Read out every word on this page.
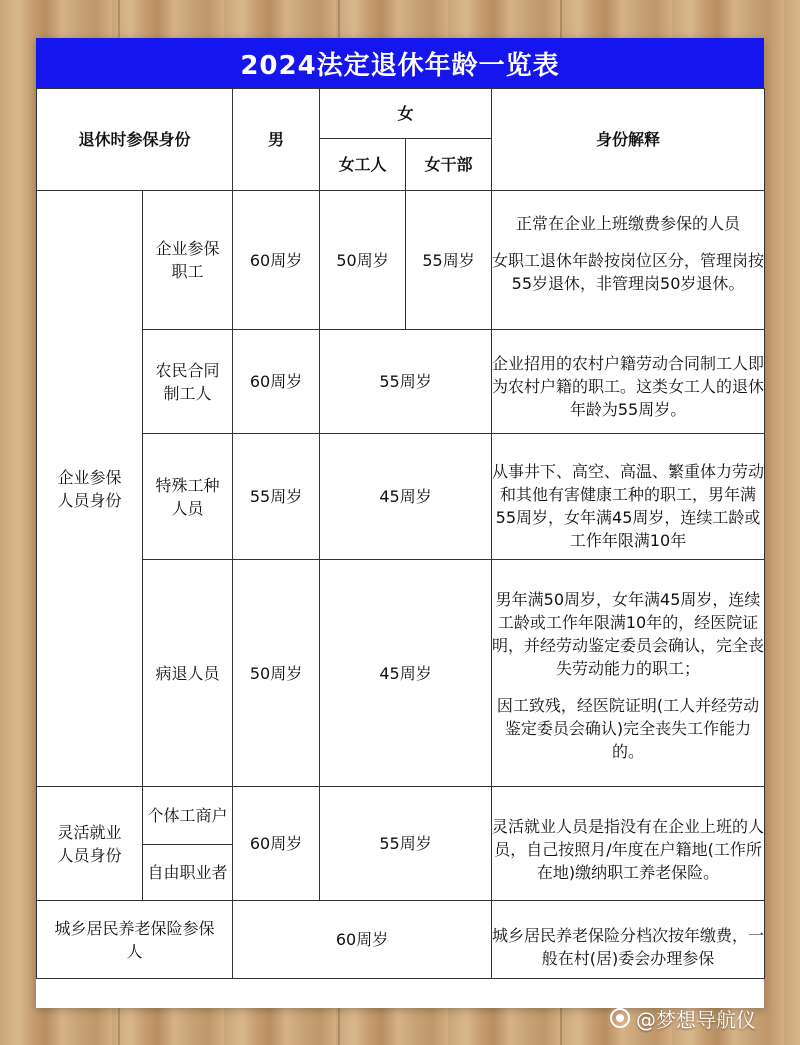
2024法定退休年龄一览表
退休时参保身份		男	女		身份解释
			女工人	女干部	

企业参保人员身份	企业参保职工	60周岁	50周岁	55周岁	正常在企业上班缴费参保的人员

女职工退休年龄按岗位区分，管理岗按55岁退休，非管理岗50岁退休。

	农民合同制工人	60周岁	55周岁		企业招用的农村户籍劳动合同制工人即为农村户籍的职工。这类女工人的退休年龄为55周岁。

	特殊工种人员	55周岁	45周岁		从事井下、高空、高温、繁重体力劳动和其他有害健康工种的职工，男年满55周岁，女年满45周岁，连续工龄或工作年限满10年
	病退人员	50周岁	45周岁		男年满50周岁，女年满45周岁，连续工龄或工作年限满10年的，经医院证明，并经劳动鉴定委员会确认，完全丧失劳动能力的职工；

因工致残，经医院证明(工人并经劳动鉴定委员会确认)完全丧失工作能力的。

灵活就业人员身份	个体工商户	60周岁	55周岁		灵活就业人员是指没有在企业上班的人员，自己按照月/年度在户籍地(工作所在地)缴纳职工养老保险。

	自由职业者				

城乡居民养老保险参保人		60周岁			城乡居民养老保险分档次按年缴费，一般在村(居)委会办理参保
@梦想导航仪
